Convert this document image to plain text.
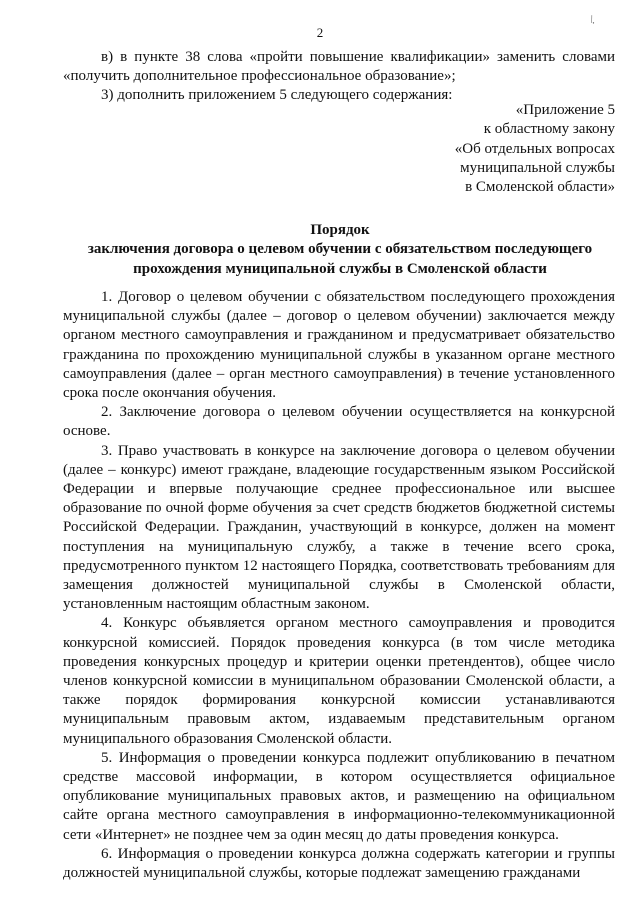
2
\.

в) в пункте 38 слова «пройти повышение квалификации» заменить словами «получить дополнительное профессиональное образование»;

3) дополнить приложением 5 следующего содержания:

«Приложение 5
к областному закону
«Об отдельных вопросах
муниципальной службы
в Смоленской области»
Порядок
заключения договора о целевом обучении с обязательством последующего
прохождения муниципальной службы в Смоленской области

1. Договор о целевом обучении с обязательством последующего прохождения муниципальной службы (далее – договор о целевом обучении) заключается между органом местного самоуправления и гражданином и предусматривает обязательство гражданина по прохождению муниципальной службы в указанном органе местного самоуправления (далее – орган местного самоуправления) в течение установленного срока после окончания обучения.

2. Заключение договора о целевом обучении осуществляется на конкурсной основе.

3. Право участвовать в конкурсе на заключение договора о целевом обучении (далее – конкурс) имеют граждане, владеющие государственным языком Российской Федерации и впервые получающие среднее профессиональное или высшее образование по очной форме обучения за счет средств бюджетов бюджетной системы Российской Федерации. Гражданин, участвующий в конкурсе, должен на момент поступления на муниципальную службу, а также в течение всего срока, предусмотренного пунктом 12 настоящего Порядка, соответствовать требованиям для замещения должностей муниципальной службы в Смоленской области, установленным настоящим областным законом.

4. Конкурс объявляется органом местного самоуправления и проводится конкурсной комиссией. Порядок проведения конкурса (в том числе методика проведения конкурсных процедур и критерии оценки претендентов), общее число членов конкурсной комиссии в муниципальном образовании Смоленской области, а также порядок формирования конкурсной комиссии устанавливаются муниципальным правовым актом, издаваемым представительным органом муниципального образования Смоленской области.

5. Информация о проведении конкурса подлежит опубликованию в печатном средстве массовой информации, в котором осуществляется официальное опубликование муниципальных правовых актов, и размещению на официальном сайте органа местного самоуправления в информационно-телекоммуникационной сети «Интернет» не позднее чем за один месяц до даты проведения конкурса.

6. Информация о проведении конкурса должна содержать категории и группы должностей муниципальной службы, которые подлежат замещению гражданами
